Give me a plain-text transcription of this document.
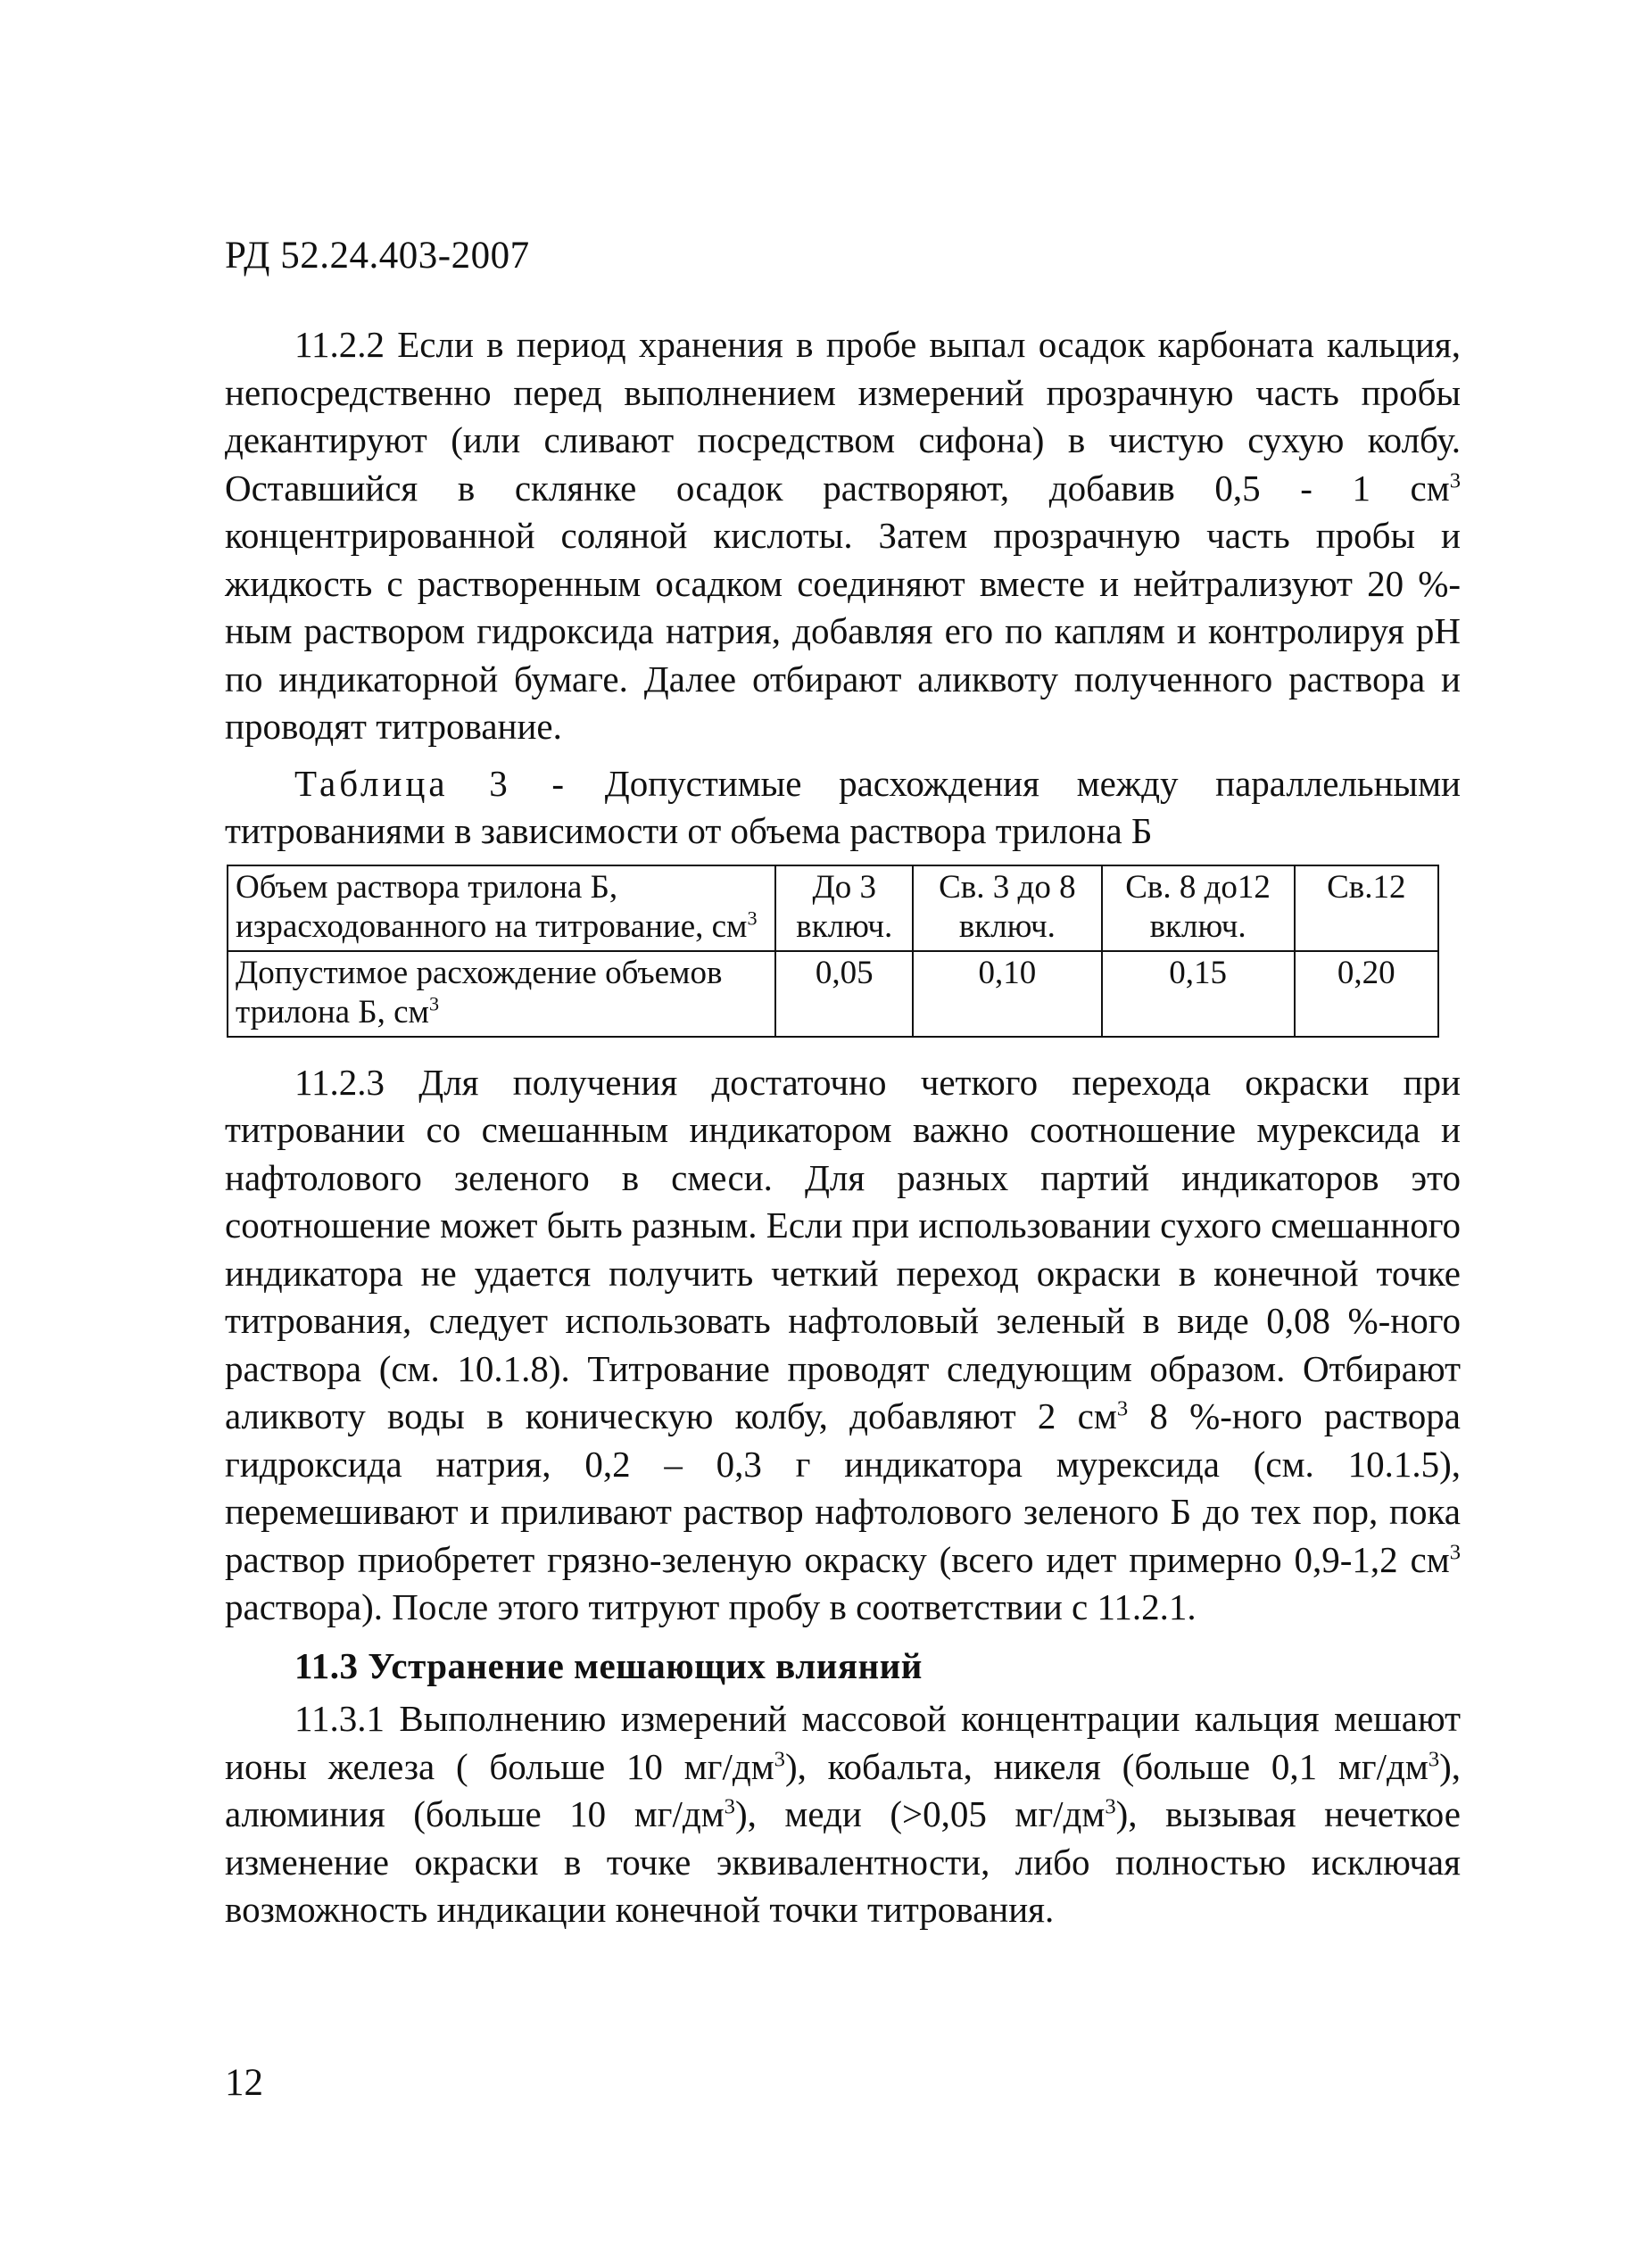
РД 52.24.403-2007

11.2.2 Если в период хранения в пробе выпал осадок карбоната кальция, непосредственно перед выполнением измерений прозрачную часть пробы декантируют (или сливают посредством сифона) в чистую сухую колбу. Оставшийся в склянке осадок растворяют, добавив 0,5 - 1 $см^3$ концентрированной соляной кислоты. Затем прозрачную часть пробы и жидкость с растворенным осадком соединяют вместе и нейтрализуют 20 %-ным раствором гидроксида натрия, добавляя его по каплям и контролируя pH по индикаторной бумаге. Далее отбирают аликвоту полученного раствора и проводят титрование.

Таблица 3 - Допустимые расхождения между параллельными титрованиями в зависимости от объема раствора трилона Б

Объем раствора трилона Б, израсходованного на титрование, $см^3$	До 3 включ.	Св. 3 до 8 включ.	Св. 8 до12 включ.	Св.12
Допустимое расхождение объемов трилона Б, $см^3$	0,05	0,10	0,15	0,20

11.2.3 Для получения достаточно четкого перехода окраски при титровании со смешанным индикатором важно соотношение мурексида и нафтолового зеленого в смеси. Для разных партий индикаторов это соотношение может быть разным. Если при использовании сухого смешанного индикатора не удается получить четкий переход окраски в конечной точке титрования, следует использовать нафтоловый зеленый в виде 0,08 %-ного раствора (см. 10.1.8). Титрование проводят следующим образом. Отбирают аликвоту воды в коническую колбу, добавляют 2 $см^3$ 8 %-ного раствора гидроксида натрия, 0,2 – 0,3 г индикатора мурексида (см. 10.1.5), перемешивают и приливают раствор нафтолового зеленого Б до тех пор, пока раствор приобретет грязно-зеленую окраску (всего идет примерно 0,9-1,2 $см^3$ раствора). После этого титруют пробу в соответствии с 11.2.1.

11.3 Устранение мешающих влияний

11.3.1 Выполнению измерений массовой концентрации кальция мешают ионы железа ( больше 10 $мг/дм^3$), кобальта, никеля (больше 0,1 $мг/дм^3$), алюминия (больше 10 $мг/дм^3$), меди (>0,05 $мг/дм^3$), вызывая нечеткое изменение окраски в точке эквивалентности, либо полностью исключая возможность индикации конечной точки титрования.

12
